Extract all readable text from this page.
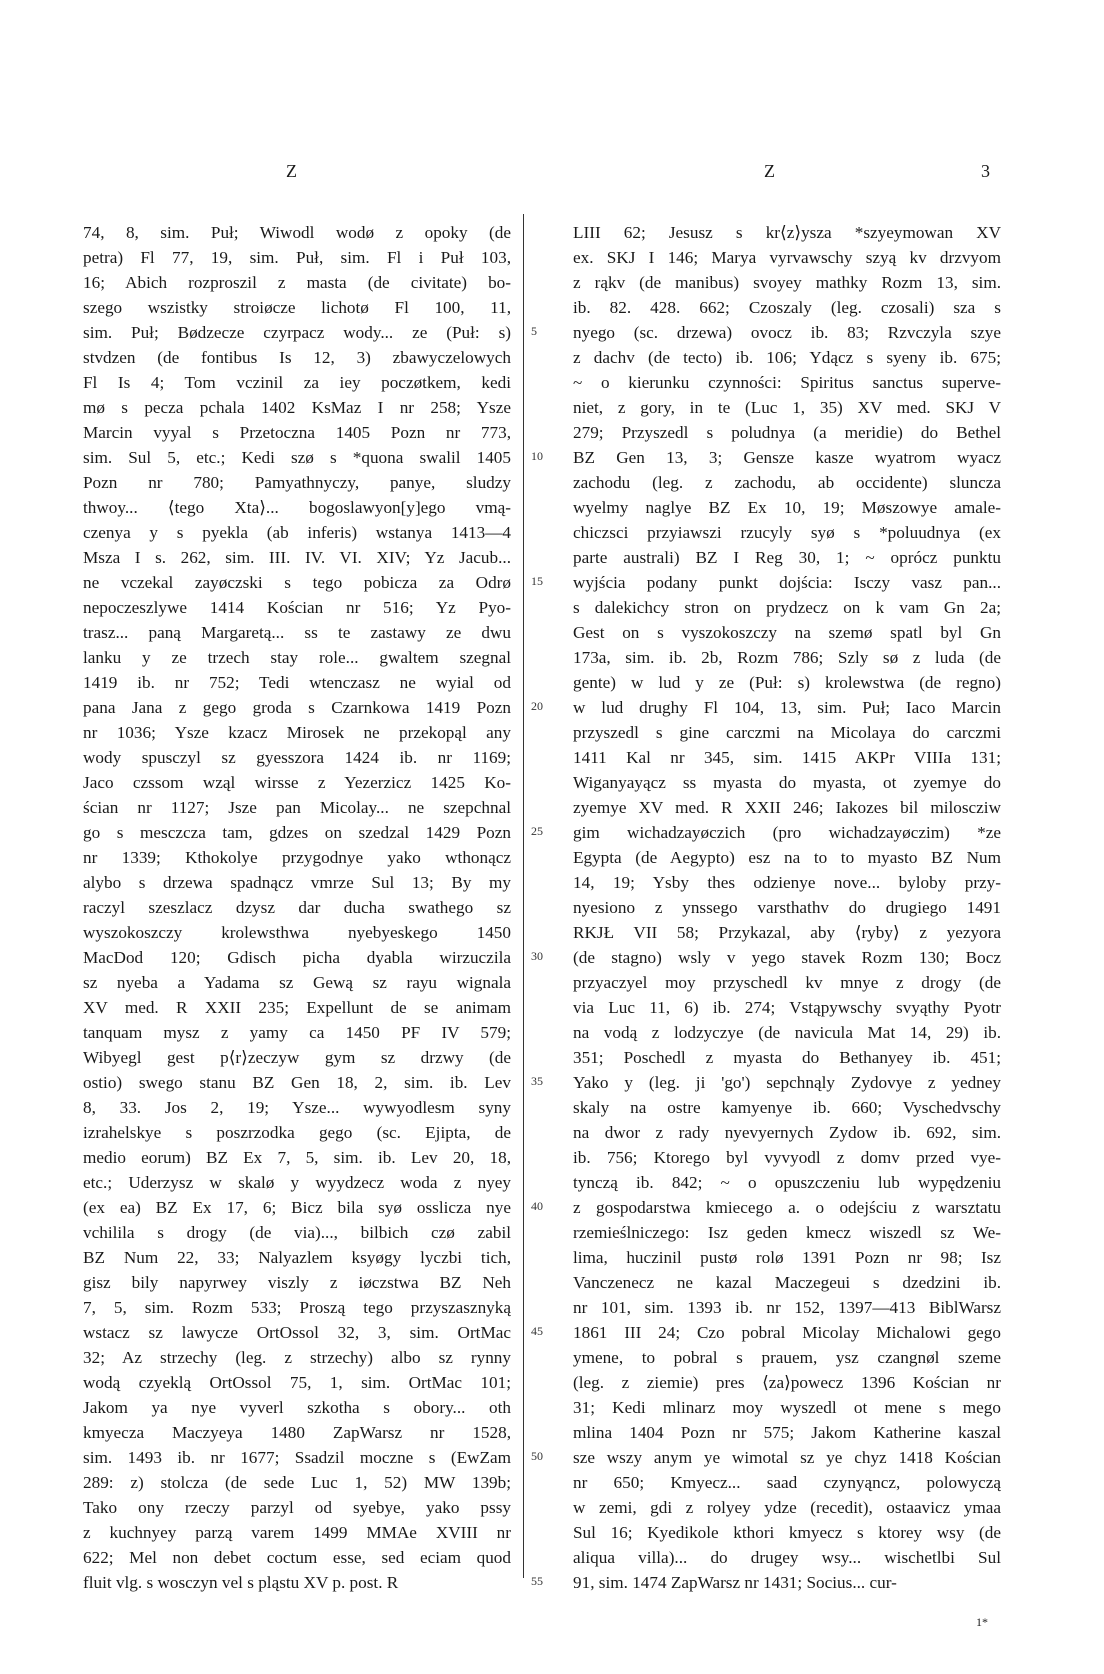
Z	Z	3
74, 8, sim. Puł; Wiwodl wodø z opoky (de
petra) Fl 77, 19, sim. Puł, sim. Fl i Puł 103,
16; Abich rozproszil z masta (de civitate) bo-
szego wszistky stroiøcze lichotø Fl 100, 11,
sim. Puł; Bødzecze czyrpacz wody... ze (Puł: s)
stvdzen (de fontibus Is 12, 3) zbawyczelowych
Fl Is 4; Tom vczinil za iey poczøtkem, kedi
mø s pecza pchala 1402 KsMaz I nr 258; Ysze
Marcin vyyal s Przetoczna 1405 Pozn nr 773,
sim. Sul 5, etc.; Kedi szø s *quona swalil 1405
Pozn nr 780; Pamyathnyczy, panye, sludzy
thwoy... ⟨tego Xta⟩... bogoslawyon[y]ego vmą-
czenya y s pyekla (ab inferis) wstanya 1413—4
Msza I s. 262, sim. III. IV. VI. XIV; Yz Jacub...
ne vczekal zayøczski s tego pobicza za Odrø
nepoczeszlywe 1414 Kościan nr 516; Yz Pyo-
trasz... paną Margaretą... ss te zastawy ze dwu
lanku y ze trzech stay role... gwaltem szegnal
1419 ib. nr 752; Tedi wtenczasz ne wyial od
pana Jana z gego groda s Czarnkowa 1419 Pozn
nr 1036; Ysze kzacz Mirosek ne przekopąl any
wody spusczyl sz gyesszora 1424 ib. nr 1169;
Jaco czssom wząl wirsse z Yezerzicz 1425 Ko-
ścian nr 1127; Jsze pan Micolay... ne szepchnal
go s mesczcza tam, gdzes on szedzal 1429 Pozn
nr 1339; Kthokolye przygodnye yako wthonącz
alybo s drzewa spadnącz vmrze Sul 13; By my
raczyl szeszlacz dzysz dar ducha swathego sz
wyszokoszczy krolewsthwa nyebyeskego 1450
MacDod 120; Gdisch picha dyabla wirzuczila
sz nyeba a Yadama sz Gewą sz rayu wignala
XV med. R XXII 235; Expellunt de se animam
tanquam mysz z yamy ca 1450 PF IV 579;
Wibyegl gest p⟨r⟩zeczyw gym sz drzwy (de
ostio) swego stanu BZ Gen 18, 2, sim. ib. Lev
8, 33. Jos 2, 19; Ysze... wywyodlesm syny
izrahelskye s poszrzodka gego (sc. Ejipta, de
medio eorum) BZ Ex 7, 5, sim. ib. Lev 20, 18,
etc.; Uderzysz w skalø y wyydzecz woda z nyey
(ex ea) BZ Ex 17, 6; Bicz bila syø osslicza nye
vchilila s drogy (de via)..., bilbich czø zabil
BZ Num 22, 33; Nalyazlem ksyøgy lyczbi tich,
gisz bily napyrwey viszly z iøczstwa BZ Neh
7, 5, sim. Rozm 533; Proszą tego przyszasznyką
wstacz sz lawycze OrtOssol 32, 3, sim. OrtMac
32; Az strzechy (leg. z strzechy) albo sz rynny
wodą czyeklą OrtOssol 75, 1, sim. OrtMac 101;
Jakom ya nye vyverl szkotha s obory... oth
kmyecza Maczyeya 1480 ZapWarsz nr 1528,
sim. 1493 ib. nr 1677; Ssadzil moczne s (EwZam
289: z) stolcza (de sede Luc 1, 52) MW 139b;
Tako ony rzeczy parzyl od syebye, yako pssy
z kuchnyey parzą varem 1499 MMAe XVIII nr
622; Mel non debet coctum esse, sed eciam quod
fluit vlg. s wosczyn vel s pląstu XV p. post. R
5
10
15
20
25
30
35
40
45
50
55
LIII 62; Jesusz s kr⟨z⟩ysza *szyeymowan XV
ex. SKJ I 146; Marya vyrvawschy szyą kv drzvyom
z rąkv (de manibus) svoyey mathky Rozm 13, sim.
ib. 82. 428. 662; Czoszaly (leg. czosali) sza s
nyego (sc. drzewa) ovocz ib. 83; Rzvczyla szye
z dachv (de tecto) ib. 106; Ydącz s syeny ib. 675;
~ o kierunku czynności: Spiritus sanctus superve-
niet, z gory, in te (Luc 1, 35) XV med. SKJ V
279; Przyszedl s poludnya (a meridie) do Bethel
BZ Gen 13, 3; Gensze kasze wyatrom wyacz
zachodu (leg. z zachodu, ab occidente) sluncza
wyelmy naglye BZ Ex 10, 19; Møszowye amale-
chiczsci przyiawszi rzucyly syø s *poluudnya (ex
parte australi) BZ I Reg 30, 1; ~ oprócz punktu
wyjścia podany punkt dojścia: Isczy vasz pan...
s dalekichcy stron on prydzecz on k vam Gn 2a;
Gest on s vyszokoszczy na szemø spatl byl Gn
173a, sim. ib. 2b, Rozm 786; Szly sø z luda (de
gente) w lud y ze (Puł: s) krolewstwa (de regno)
w lud drughy Fl 104, 13, sim. Puł; Iaco Marcin
przyszedl s gine carczmi na Micolaya do carczmi
1411 Kal nr 345, sim. 1415 AKPr VIIIa 131;
Wiganyayącz ss myasta do myasta, ot zyemye do
zyemye XV med. R XXII 246; Iakozes bil miloscziw
gim wichadzayøczich (pro wichadzayøczim) *ze
Egypta (de Aegypto) esz na to to myasto BZ Num
14, 19; Ysby thes odzienye nove... byloby przy-
nyesiono z ynssego varsthathv do drugiego 1491
RKJŁ VII 58; Przykazal, aby ⟨ryby⟩ z yezyora
(de stagno) wsly v yego stavek Rozm 130; Bocz
przyaczyel moy przyschedl kv mnye z drogy (de
via Luc 11, 6) ib. 274; Vstąpywschy svyąthy Pyotr
na vodą z lodzyczye (de navicula Mat 14, 29) ib.
351; Poschedl z myasta do Bethanyey ib. 451;
Yako y (leg. ji 'go') sepchnąly Zydovye z yedney
skaly na ostre kamyenye ib. 660; Vyschedvschy
na dwor z rady nyevyernych Zydow ib. 692, sim.
ib. 756; Ktorego byl vyvyodl z domv przed vye-
tynczą ib. 842; ~ o opuszczeniu lub wypędzeniu
z gospodarstwa kmiecego a. o odejściu z warsztatu
rzemieślniczego: Isz geden kmecz wiszedl sz We-
lima, huczinil pustø rolø 1391 Pozn nr 98; Isz
Vanczenecz ne kazal Maczegeui s dzedzini ib.
nr 101, sim. 1393 ib. nr 152, 1397—413 BiblWarsz
1861 III 24; Czo pobral Micolay Michalowi gego
ymene, to pobral s prauem, ysz czangnøl szeme
(leg. z ziemie) pres ⟨za⟩powecz 1396 Kościan nr
31; Kedi mlinarz moy wyszedl ot mene s mego
mlina 1404 Pozn nr 575; Jakom Katherine kaszal
sze wszy anym ye wimotal sz ye chyz 1418 Kościan
nr 650; Kmyecz... saad czynyąncz, polowyczą
w zemi, gdi z rolyey ydze (recedit), ostaavicz ymaa
Sul 16; Kyedikole kthori kmyecz s ktorey wsy (de
aliqua villa)... do drugey wsy... wischetlbi Sul
91, sim. 1474 ZapWarsz nr 1431; Socius... cur-
1*
